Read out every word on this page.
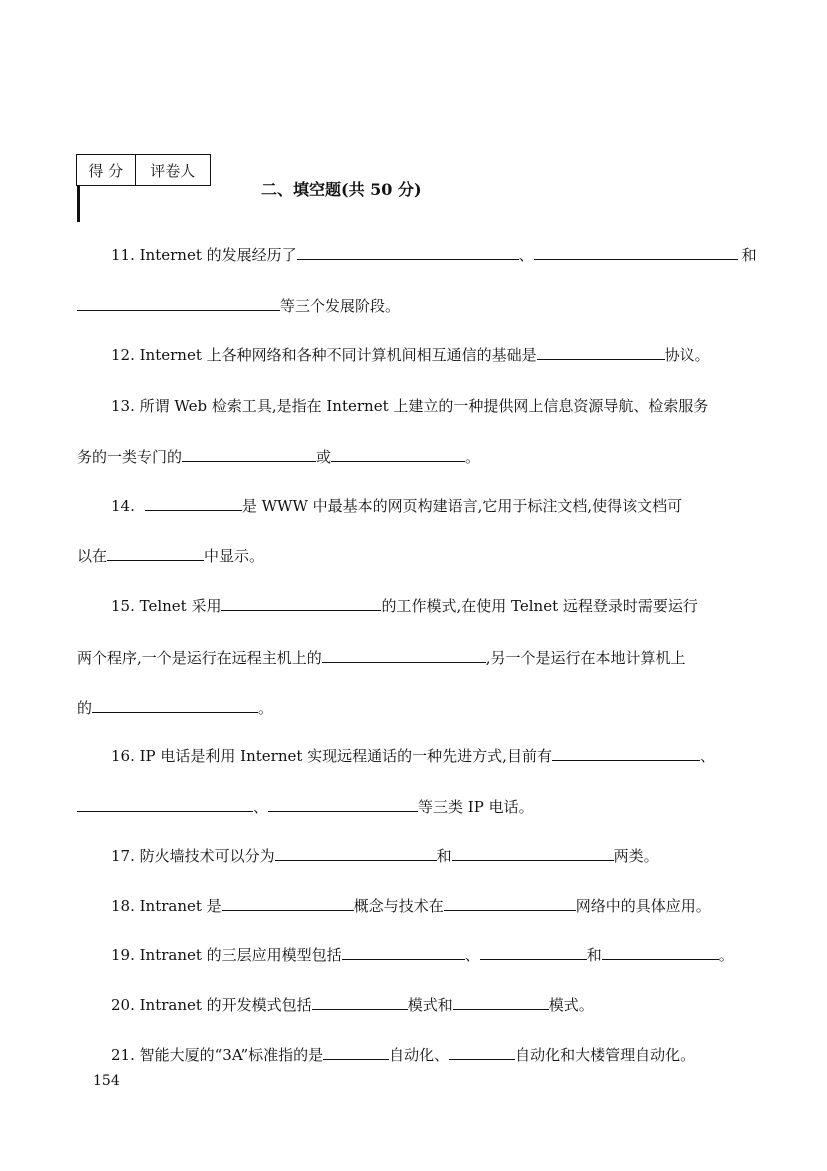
得 分	评卷人

二、填空题(共 50 分)
11. Internet 的发展经历了	、	和
等三个发展阶段。
12. Internet 上各种网络和各种不同计算机间相互通信的基础是	协议。
13. 所谓 Web 检索工具,是指在 Internet 上建立的一种提供网上信息资源导航、检索服务
务的一类专门的	或	。
14.	是 WWW 中最基本的网页构建语言,它用于标注文档,使得该文档可
以在	中显示。
15. Telnet 采用	的工作模式,在使用 Telnet 远程登录时需要运行
两个程序,一个是运行在远程主机上的	,另一个是运行在本地计算机上
的	。
16. IP 电话是利用 Internet 实现远程通话的一种先进方式,目前有	、
、	等三类 IP 电话。
17. 防火墙技术可以分为	和	两类。
18. Intranet 是	概念与技术在	网络中的具体应用。
19. Intranet 的三层应用模型包括	、	和	。
20. Intranet 的开发模式包括	模式和	模式。
21. 智能大厦的“3A”标准指的是	自动化、	自动化和大楼管理自动化。
154
